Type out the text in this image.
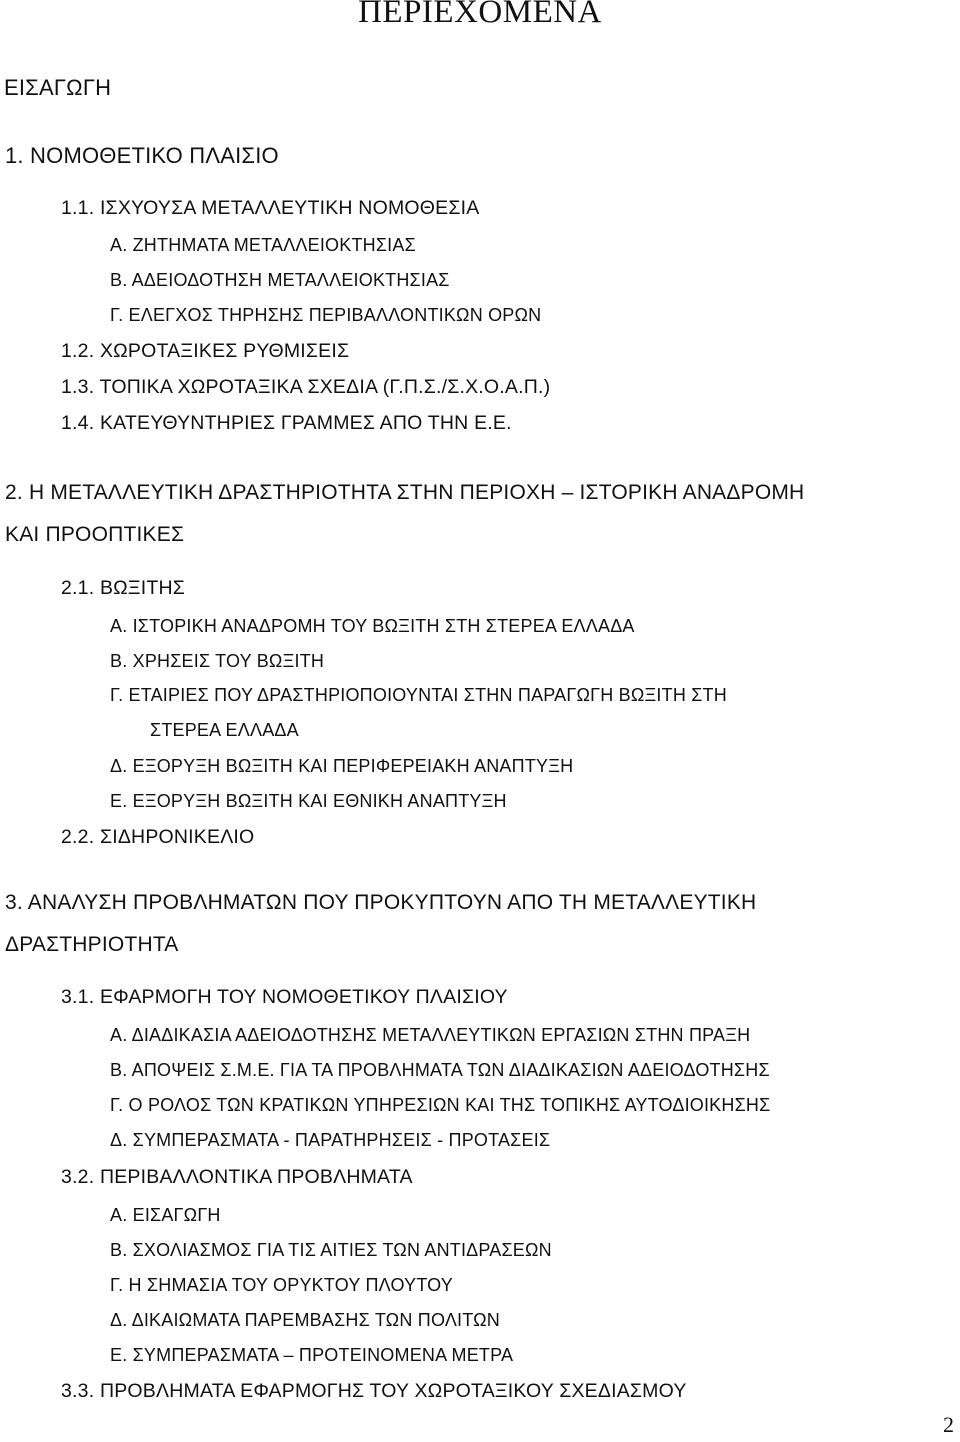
ΠΕΡΙΕΧΟΜΕΝΑ
ΕΙΣΑΓΩΓΗ
1. ΝΟΜΟΘΕΤΙΚΟ ΠΛΑΙΣΙΟ
1.1. ΙΣΧΥΟΥΣΑ ΜΕΤΑΛΛΕΥΤΙΚΗ ΝΟΜΟΘΕΣΙΑ
Α. ΖΗΤΗΜΑΤΑ ΜΕΤΑΛΛΕΙΟΚΤΗΣΙΑΣ
Β. ΑΔΕΙΟΔΟΤΗΣΗ ΜΕΤΑΛΛΕΙΟΚΤΗΣΙΑΣ
Γ. ΕΛΕΓΧΟΣ ΤΗΡΗΣΗΣ ΠΕΡΙΒΑΛΛΟΝΤΙΚΩΝ ΟΡΩΝ
1.2. ΧΩΡΟΤΑΞΙΚΕΣ ΡΥΘΜΙΣΕΙΣ
1.3. ΤΟΠΙΚΑ ΧΩΡΟΤΑΞΙΚΑ ΣΧΕΔΙΑ (Γ.Π.Σ./Σ.Χ.Ο.Α.Π.)
1.4. ΚΑΤΕΥΘΥΝΤΗΡΙΕΣ ΓΡΑΜΜΕΣ ΑΠΟ ΤΗΝ Ε.Ε.
2. Η ΜΕΤΑΛΛΕΥΤΙΚΗ ΔΡΑΣΤΗΡΙΟΤΗΤΑ ΣΤΗΝ ΠΕΡΙΟΧΗ – ΙΣΤΟΡΙΚΗ ΑΝΑΔΡΟΜΗ
ΚΑΙ ΠΡΟΟΠΤΙΚΕΣ
2.1. ΒΩΞΙΤΗΣ
Α. ΙΣΤΟΡΙΚΗ ΑΝΑΔΡΟΜΗ ΤΟΥ ΒΩΞΙΤΗ ΣΤΗ ΣΤΕΡΕΑ ΕΛΛΑΔΑ
Β. ΧΡΗΣΕΙΣ ΤΟΥ ΒΩΞΙΤΗ
Γ. ΕΤΑΙΡΙΕΣ ΠΟΥ ΔΡΑΣΤΗΡΙΟΠΟΙΟΥΝΤΑΙ ΣΤΗΝ ΠΑΡΑΓΩΓΗ ΒΩΞΙΤΗ ΣΤΗ
ΣΤΕΡΕΑ ΕΛΛΑΔΑ
Δ. ΕΞΟΡΥΞΗ ΒΩΞΙΤΗ ΚΑΙ ΠΕΡΙΦΕΡΕΙΑΚΗ ΑΝΑΠΤΥΞΗ
Ε. ΕΞΟΡΥΞΗ ΒΩΞΙΤΗ ΚΑΙ ΕΘΝΙΚΗ ΑΝΑΠΤΥΞΗ
2.2. ΣΙΔΗΡΟΝΙΚΕΛΙΟ
3. ΑΝΑΛΥΣΗ ΠΡΟΒΛΗΜΑΤΩΝ ΠΟΥ ΠΡΟΚΥΠΤΟΥΝ ΑΠΟ ΤΗ ΜΕΤΑΛΛΕΥΤΙΚΗ
ΔΡΑΣΤΗΡΙΟΤΗΤΑ
3.1. ΕΦΑΡΜΟΓΗ ΤΟΥ ΝΟΜΟΘΕΤΙΚΟΥ ΠΛΑΙΣΙΟΥ
Α. ΔΙΑΔΙΚΑΣΙΑ ΑΔΕΙΟΔΟΤΗΣΗΣ ΜΕΤΑΛΛΕΥΤΙΚΩΝ ΕΡΓΑΣΙΩΝ ΣΤΗΝ ΠΡΑΞΗ
Β. ΑΠΟΨΕΙΣ Σ.Μ.Ε. ΓΙΑ ΤΑ ΠΡΟΒΛΗΜΑΤΑ ΤΩΝ ΔΙΑΔΙΚΑΣΙΩΝ ΑΔΕΙΟΔΟΤΗΣΗΣ
Γ. Ο ΡΟΛΟΣ ΤΩΝ ΚΡΑΤΙΚΩΝ ΥΠΗΡΕΣΙΩΝ ΚΑΙ ΤΗΣ ΤΟΠΙΚΗΣ ΑΥΤΟΔΙΟΙΚΗΣΗΣ
Δ. ΣΥΜΠΕΡΑΣΜΑΤΑ - ΠΑΡΑΤΗΡΗΣΕΙΣ - ΠΡΟΤΑΣΕΙΣ
3.2. ΠΕΡΙΒΑΛΛΟΝΤΙΚΑ ΠΡΟΒΛΗΜΑΤΑ
Α. ΕΙΣΑΓΩΓΗ
Β. ΣΧΟΛΙΑΣΜΟΣ ΓΙΑ ΤΙΣ ΑΙΤΙΕΣ ΤΩΝ ΑΝΤΙΔΡΑΣΕΩΝ
Γ. Η ΣΗΜΑΣΙΑ ΤΟΥ ΟΡΥΚΤΟΥ ΠΛΟΥΤΟΥ
Δ. ΔΙΚΑΙΩΜΑΤΑ ΠΑΡΕΜΒΑΣΗΣ ΤΩΝ ΠΟΛΙΤΩΝ
Ε. ΣΥΜΠΕΡΑΣΜΑΤΑ – ΠΡΟΤΕΙΝΟΜΕΝΑ ΜΕΤΡΑ
3.3. ΠΡΟΒΛΗΜΑΤΑ ΕΦΑΡΜΟΓΗΣ ΤΟΥ ΧΩΡΟΤΑΞΙΚΟΥ ΣΧΕΔΙΑΣΜΟΥ
2
